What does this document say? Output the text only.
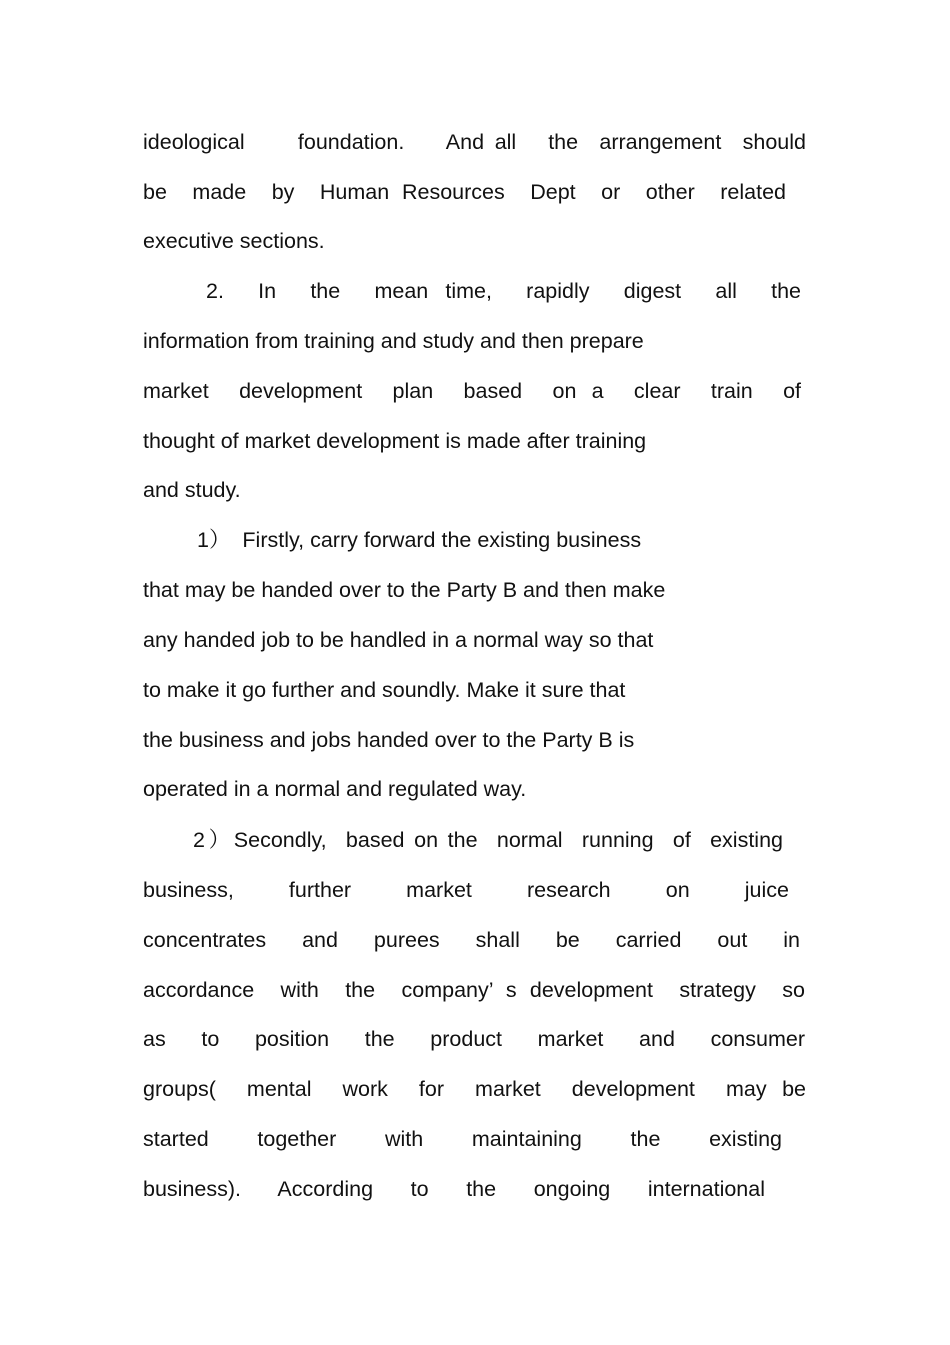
ideological     foundation.    And all   the  arrangement  should
be  made  by  Human Resources  Dept  or  other  related
executive sections.
2.  In  the  mean time,  rapidly  digest  all  the
information from training and study and then prepare
market  development  plan  based  on a  clear  train  of
thought of market development is made after training
and study.
1）  Firstly, carry forward the existing business
that may be handed over to the Party B and then make
any handed job to be handled in a normal way so that
to make it go further and soundly. Make it sure that
the business and jobs handed over to the Party B is
operated in a normal and regulated way.
2）Secondly,  based on the  normal  running  of  existing
business,  further  market  research  on  juice
concentrates  and  purees  shall  be  carried  out  in
accordance  with  the  company’ s development  strategy  so
as  to  position  the  product  market  and  consumer
groups(  mental  work  for  market  development  may be
started  together  with  maintaining  the  existing
business).  According  to  the  ongoing  international
